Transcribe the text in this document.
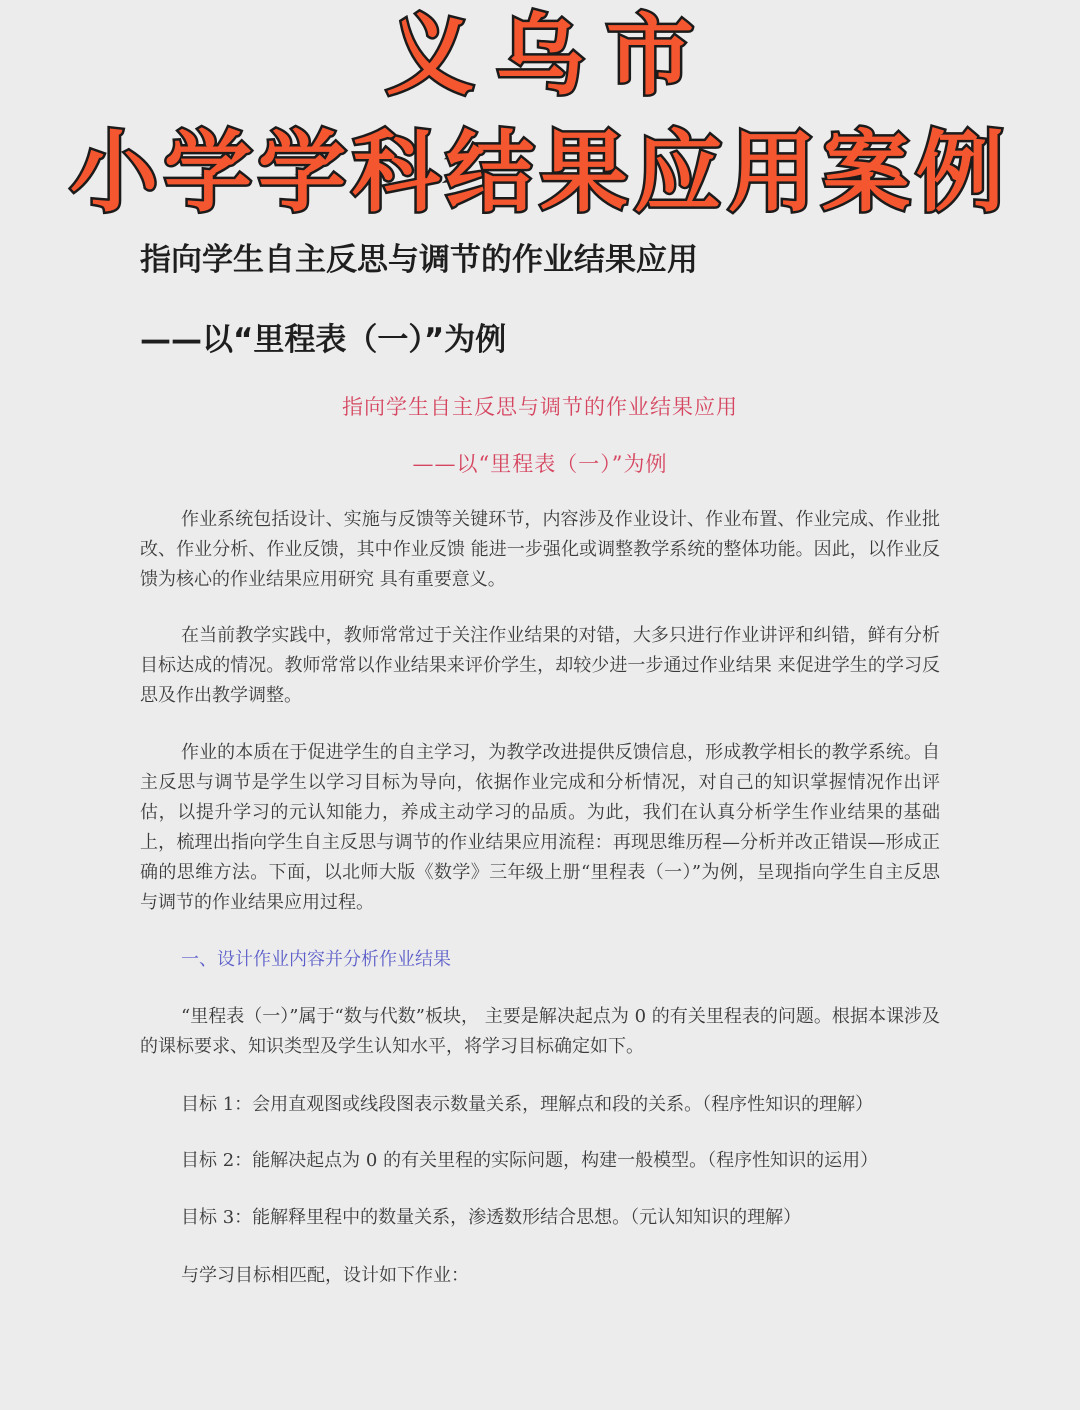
义乌市
小学学科结果应用案例
指向学生自主反思与调节的作业结果应用
——以“里程表（一）”为例
指向学生自主反思与调节的作业结果应用
——以“里程表（一）”为例

作业系统包括设计、实施与反馈等关键环节，内容涉及作业设计、作业布置、作业完成、作业批改、作业分析、作业反馈，其中作业反馈 能进一步强化或调整教学系统的整体功能。因此，以作业反馈为核心的作业结果应用研究 具有重要意义。

在当前教学实践中，教师常常过于关注作业结果的对错，大多只进行作业讲评和纠错，鲜有分析目标达成的情况。教师常常以作业结果来评价学生，却较少进一步通过作业结果 来促进学生的学习反思及作出教学调整。

作业的本质在于促进学生的自主学习，为教学改进提供反馈信息，形成教学相长的教学系统。自主反思与调节是学生以学习目标为导向，依据作业完成和分析情况，对自己的知识掌握情况作出评估，以提升学习的元认知能力，养成主动学习的品质。为此，我们在认真分析学生作业结果的基础上，梳理出指向学生自主反思与调节的作业结果应用流程：再现思维历程—分析并改正错误—形成正确的思维方法。下面，以北师大版《数学》三年级上册“里程表（一）”为例，呈现指向学生自主反思与调节的作业结果应用过程。

一、设计作业内容并分析作业结果

“里程表（一）”属于“数与代数”板块， 主要是解决起点为 0 的有关里程表的问题。根据本课涉及的课标要求、知识类型及学生认知水平，将学习目标确定如下。

目标 1：会用直观图或线段图表示数量关系，理解点和段的关系。（程序性知识的理解）
目标 2：能解决起点为 0 的有关里程的实际问题，构建一般模型。（程序性知识的运用）
目标 3：能解释里程中的数量关系，渗透数形结合思想。（元认知知识的理解）
与学习目标相匹配，设计如下作业：
